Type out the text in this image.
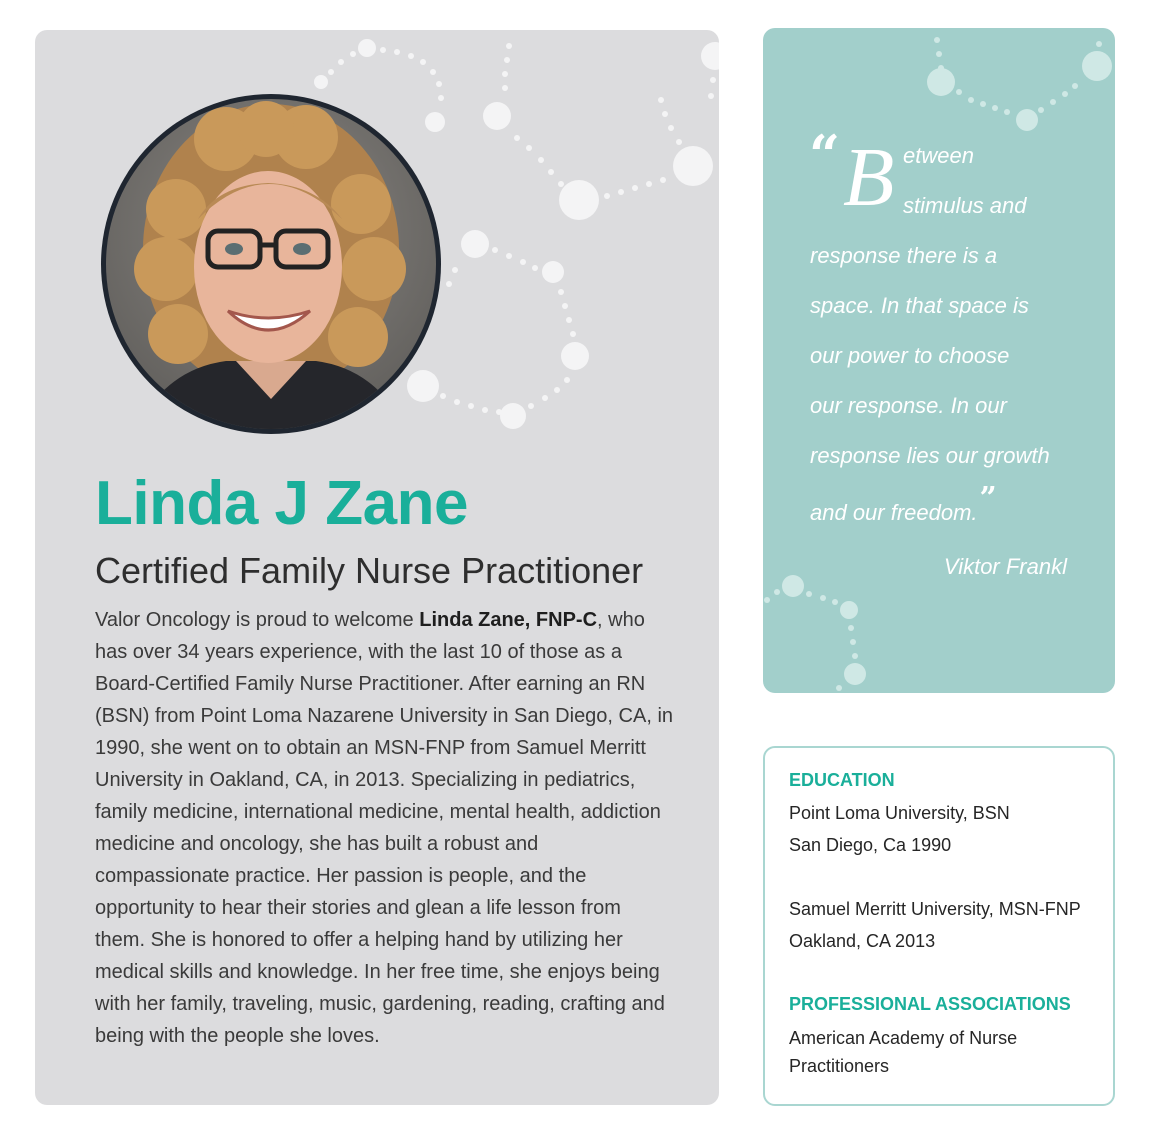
Linda J Zane
Certified Family Nurse Practitioner

Valor Oncology is proud to welcome Linda Zane, FNP-C, who has over 34 years experience, with the last 10 of those as a Board-Certified Family Nurse Practitioner. After earning an RN (BSN) from Point Loma Nazarene University in San Diego, CA, in 1990, she went on to obtain an MSN-FNP from Samuel Merritt University in Oakland, CA, in 2013. Specializing in pediatrics, family medicine, international medicine, mental health, addiction medicine and oncology, she has built a robust and compassionate practice. Her passion is people, and the opportunity to hear their stories and glean a life lesson from them. She is honored to offer a helping hand by utilizing her medical skills and knowledge. In her free time, she enjoys being with her family, traveling, music, gardening, reading, crafting and being with the people she loves.

“ B etween

stimulus and

response there is a

space. In that space is

our power to choose

our response. In our

response lies our growth

and our freedom.”

Viktor Frankl

EDUCATION

Point Loma University, BSN

San Diego, Ca 1990

Samuel Merritt University, MSN-FNP

Oakland, CA 2013

PROFESSIONAL ASSOCIATIONS

American Academy of Nurse

Practitioners
